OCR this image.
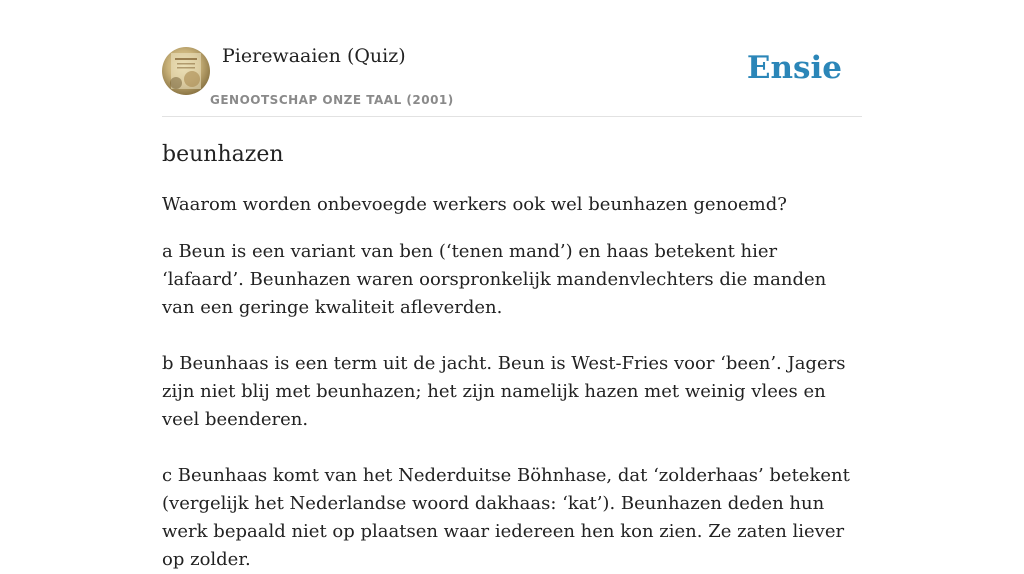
Pierewaaien (Quiz)
GENOOTSCHAP ONZE TAAL (2001)
Ensie
beunhazen

Waarom worden onbevoegde werkers ook wel beunhazen genoemd?

a Beun is een variant van ben (‘tenen mand’) en haas betekent hier ‘lafaard’. Beunhazen waren oorspronkelijk mandenvlechters die manden van een geringe kwaliteit afleverden.

b Beunhaas is een term uit de jacht. Beun is West-Fries voor ‘been’. Jagers zijn niet blij met beunhazen; het zijn namelijk hazen met weinig vlees en veel beenderen.

c Beunhaas komt van het Nederduitse Böhnhase, dat ‘zolderhaas’ betekent (vergelijk het Nederlandse woord dakhaas: ‘kat’). Beunhazen deden hun werk bepaald niet op plaatsen waar iedereen hen kon zien. Ze zaten liever op zolder.
